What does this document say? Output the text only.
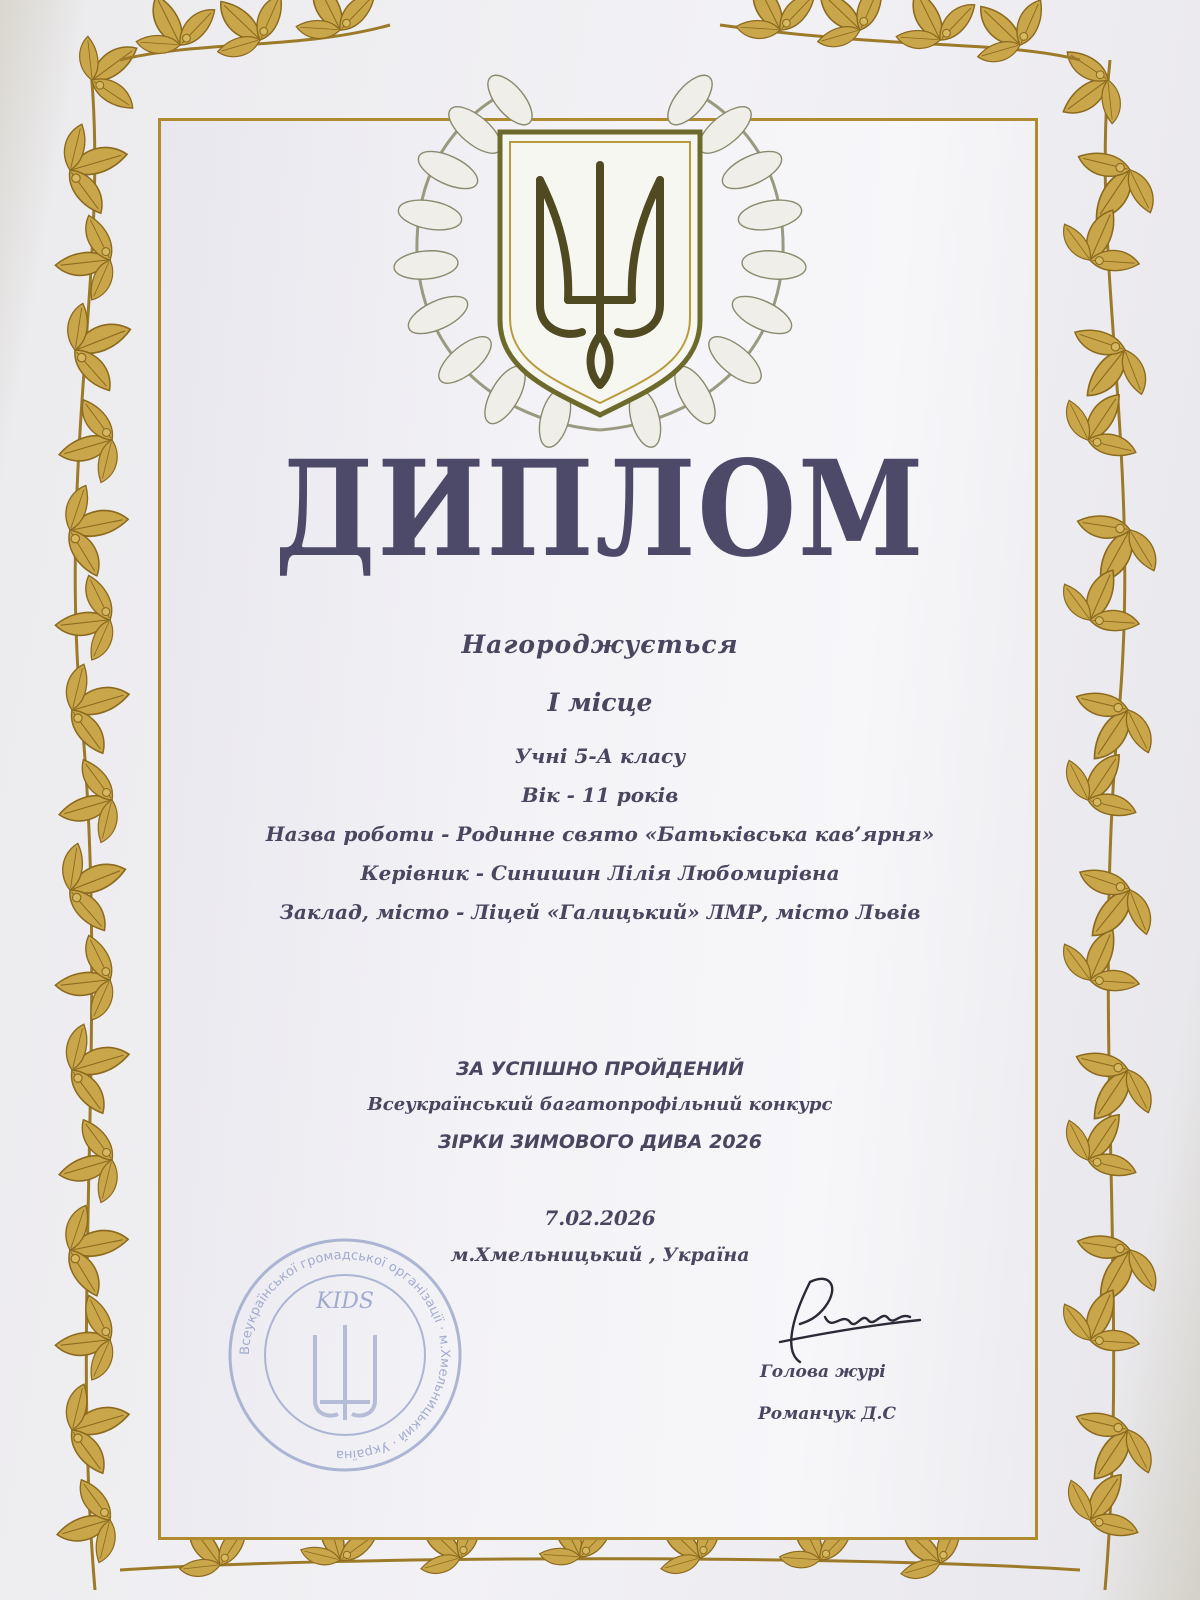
ДИПЛОМ

Нагороджується

І місце

Учні 5-А класу

Вік - 11 років

Назва роботи - Родинне свято «Батьківська кав’ярня»

Керівник - Синишин Лілія Любомирівна

Заклад, місто - Ліцей «Галицький» ЛМР, місто Львів

ЗА УСПІШНО ПРОЙДЕНИЙ

Всеукраїнський багатопрофільний конкурс

ЗІРКИ ЗИМОВОГО ДИВА 2026

7.02.2026

м.Хмельницький , Україна

Всеукраїнської громадської організації · м.Хмельницький · Україна
KIDS

Голова журі

Романчук Д.С
